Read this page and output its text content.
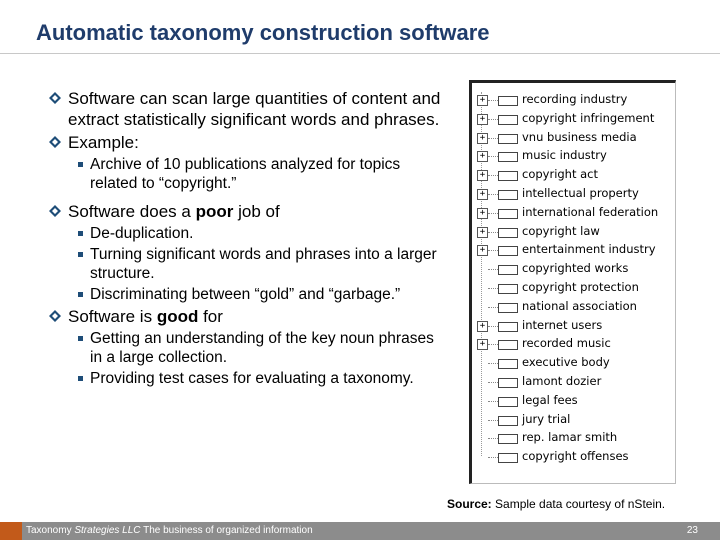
Automatic taxonomy construction software
Software can scan large quantities of content and extract statistically significant words and phrases.
Example:
Archive of 10 publications analyzed for topics related to “copyright.”
Software does a poor job of
De-duplication.
Turning significant words and phrases into a larger structure.
Discriminating between “gold” and “garbage.”
Software is good for
Getting an understanding of the key noun phrases in a large collection.
Providing test cases for evaluating a taxonomy.
+	recording industry
+	copyright infringement
+	vnu business media
+	music industry
+	copyright act
+	intellectual property
+	international federation
+	copyright law
+	entertainment industry
copyrighted works
copyright protection
national association
+	internet users
+	recorded music
executive body
lamont dozier
legal fees
jury trial
rep. lamar smith
copyright offenses
Source: Sample data courtesy of nStein.
Taxonomy Strategies LLC The business of organized information	23
